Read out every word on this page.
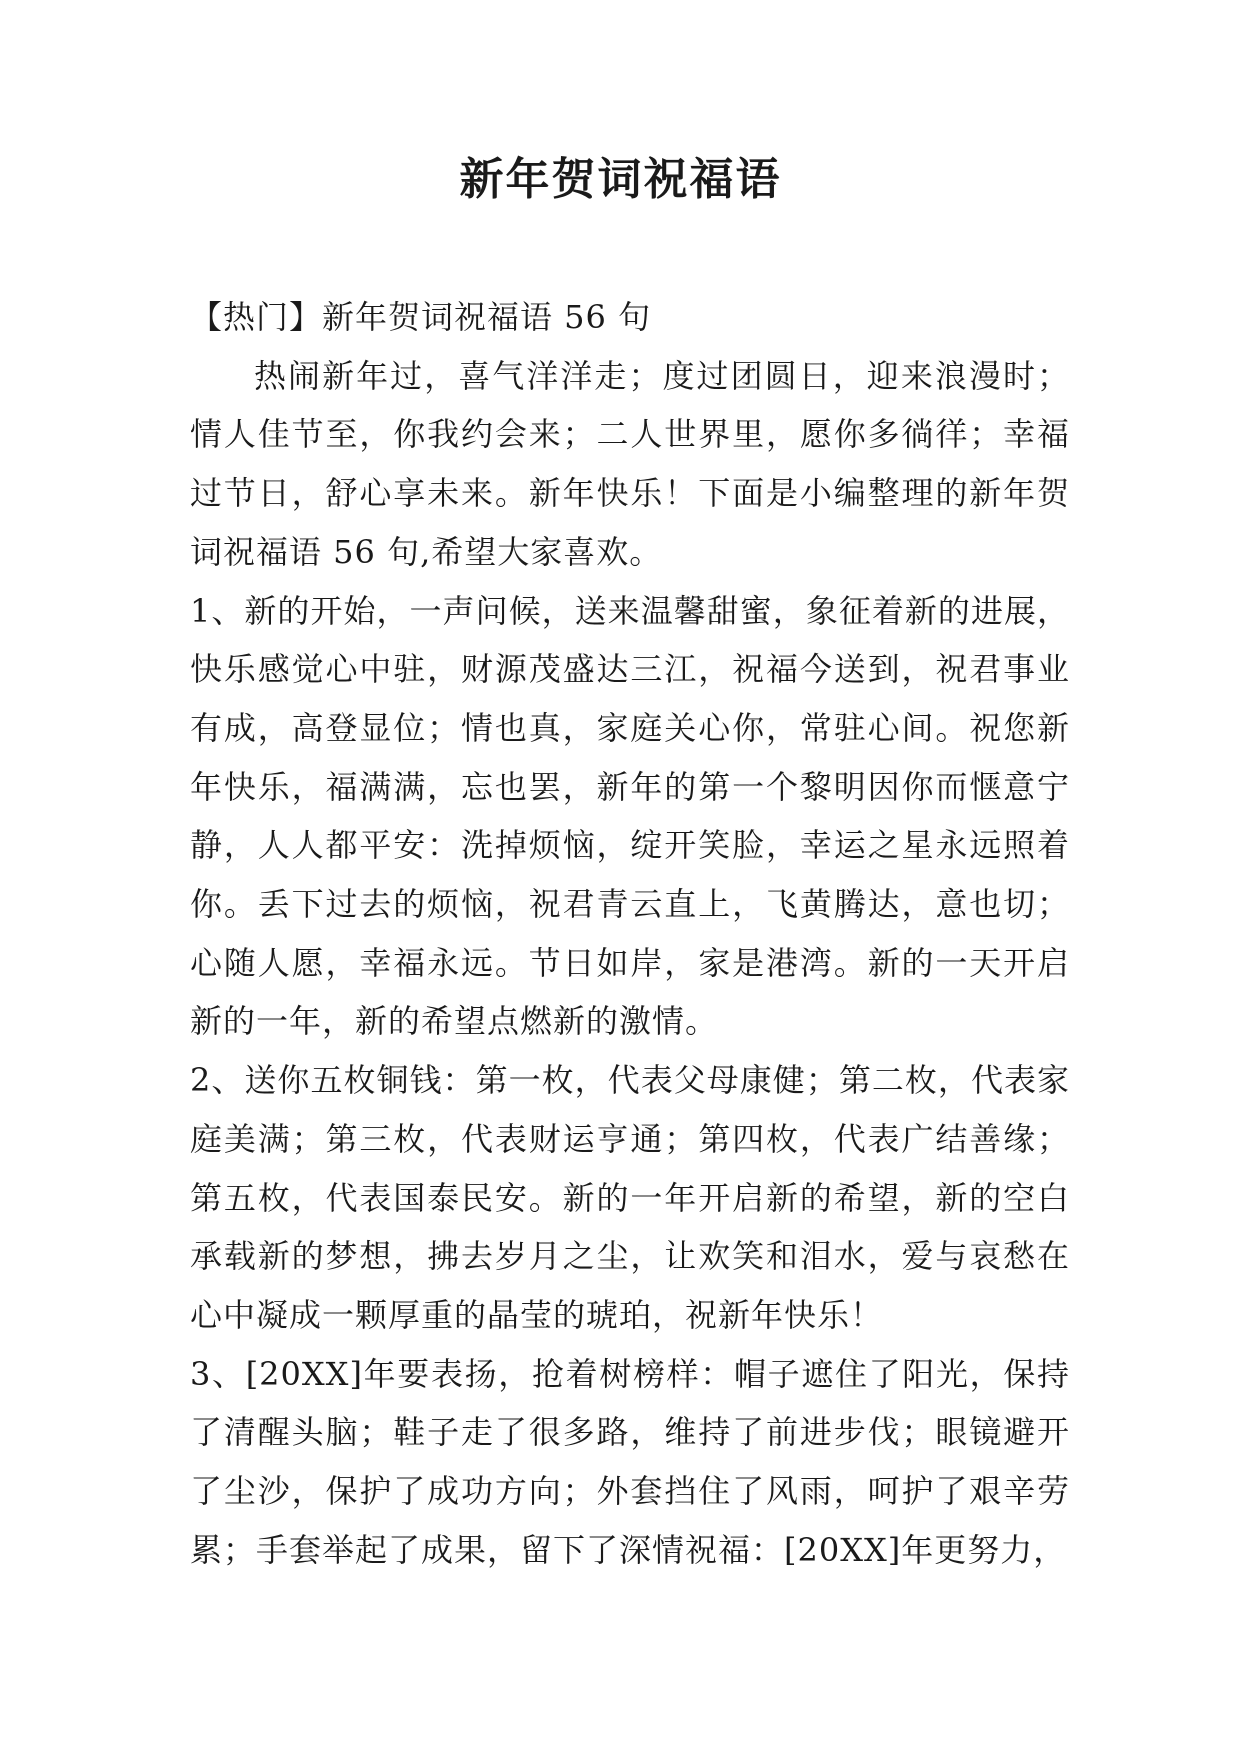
新年贺词祝福语

【热门】新年贺词祝福语 56 句

热闹新年过，喜气洋洋走；度过团圆日，迎来浪漫时；情人佳节至，你我约会来；二人世界里，愿你多徜徉；幸福过节日，舒心享未来。新年快乐！下面是小编整理的新年贺词祝福语 56 句,希望大家喜欢。

1、新的开始，一声问候，送来温馨甜蜜，象征着新的进展，快乐感觉心中驻，财源茂盛达三江，祝福今送到，祝君事业有成，高登显位；情也真，家庭关心你，常驻心间。祝您新年快乐，福满满，忘也罢，新年的第一个黎明因你而惬意宁静，人人都平安：洗掉烦恼，绽开笑脸，幸运之星永远照着你。丢下过去的烦恼，祝君青云直上，飞黄腾达，意也切；心随人愿，幸福永远。节日如岸，家是港湾。新的一天开启新的一年，新的希望点燃新的激情。

2、送你五枚铜钱：第一枚，代表父母康健；第二枚，代表家庭美满；第三枚，代表财运亨通；第四枚，代表广结善缘；第五枚，代表国泰民安。新的一年开启新的希望，新的空白承载新的梦想，拂去岁月之尘，让欢笑和泪水，爱与哀愁在心中凝成一颗厚重的晶莹的琥珀，祝新年快乐！

3、[20XX]年要表扬，抢着树榜样：帽子遮住了阳光，保持了清醒头脑；鞋子走了很多路，维持了前进步伐；眼镜避开了尘沙，保护了成功方向；外套挡住了风雨，呵护了艰辛劳累；手套举起了成果，留下了深情祝福：[20XX]年更努力，
